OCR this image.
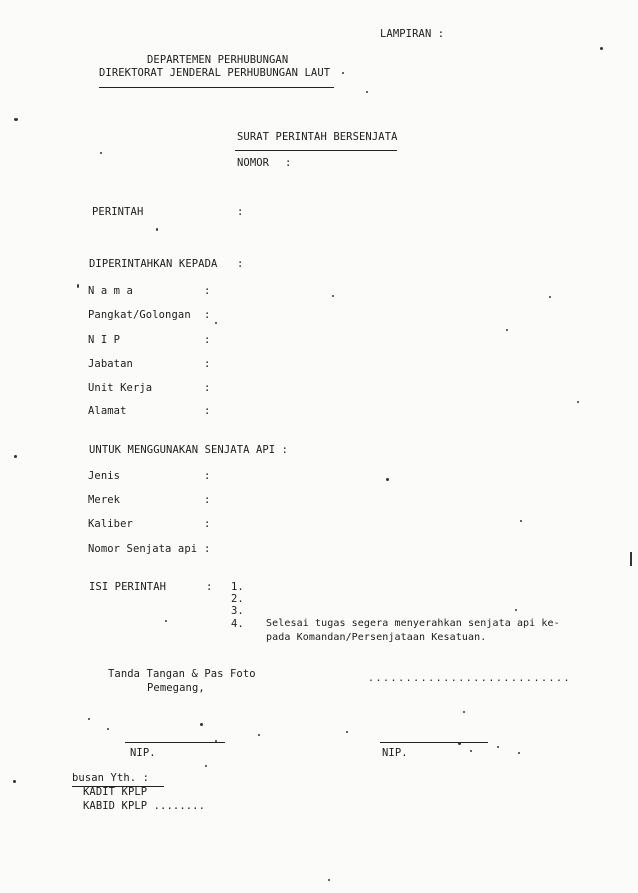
LAMPIRAN :
DEPARTEMEN PERHUBUNGAN
DIREKTORAT JENDERAL PERHUBUNGAN LAUT
SURAT PERINTAH BERSENJATA
NOMOR :
PERINTAH	:
DIPERINTAHKAN KEPADA :
N a m a	:
Pangkat/Golongan :
N I P	:
Jabatan	:
Unit Kerja	:
Alamat	:
UNTUK MENGGUNAKAN SENJATA API :
Jenis	:
Merek	:
Kaliber	:
Nomor Senjata api :
ISI PERINTAH	: 1.
2.
3.
4. Selesai tugas segera menyerahkan senjata api ke-
pada Komandan/Persenjataan Kesatuan.
Tanda Tangan & Pas Foto
Pemegang,
...........................
NIP.	NIP.
busan Yth. :
KADIT KPLP
KABID KPLP ........
